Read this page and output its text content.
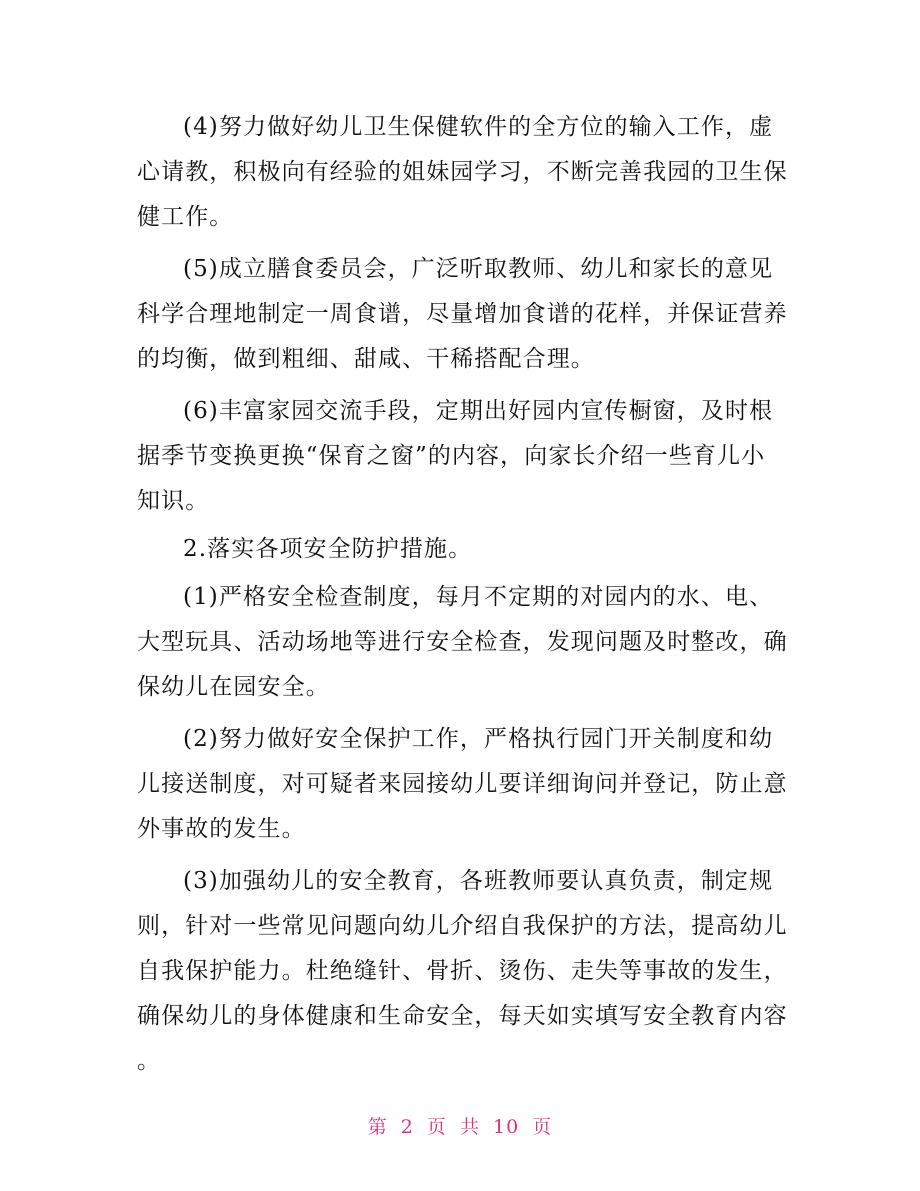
(4)努力做好幼儿卫生保健软件的全方位的输入工作，虚
心请教，积极向有经验的姐妹园学习，不断完善我园的卫生保
健工作。
(5)成立膳食委员会，广泛听取教师、幼儿和家长的意见
科学合理地制定一周食谱，尽量增加食谱的花样，并保证营养
的均衡，做到粗细、甜咸、干稀搭配合理。
(6)丰富家园交流手段，定期出好园内宣传橱窗，及时根
据季节变换更换“保育之窗”的内容，向家长介绍一些育儿小
知识。
2.落实各项安全防护措施。
(1)严格安全检查制度，每月不定期的对园内的水、电、
大型玩具、活动场地等进行安全检查，发现问题及时整改，确
保幼儿在园安全。
(2)努力做好安全保护工作，严格执行园门开关制度和幼
儿接送制度，对可疑者来园接幼儿要详细询问并登记，防止意
外事故的发生。
(3)加强幼儿的安全教育，各班教师要认真负责，制定规
则，针对一些常见问题向幼儿介绍自我保护的方法，提高幼儿
自我保护能力。杜绝缝针、骨折、烫伤、走失等事故的发生，
确保幼儿的身体健康和生命安全，每天如实填写安全教育内容
。
第 2 页 共 10 页
